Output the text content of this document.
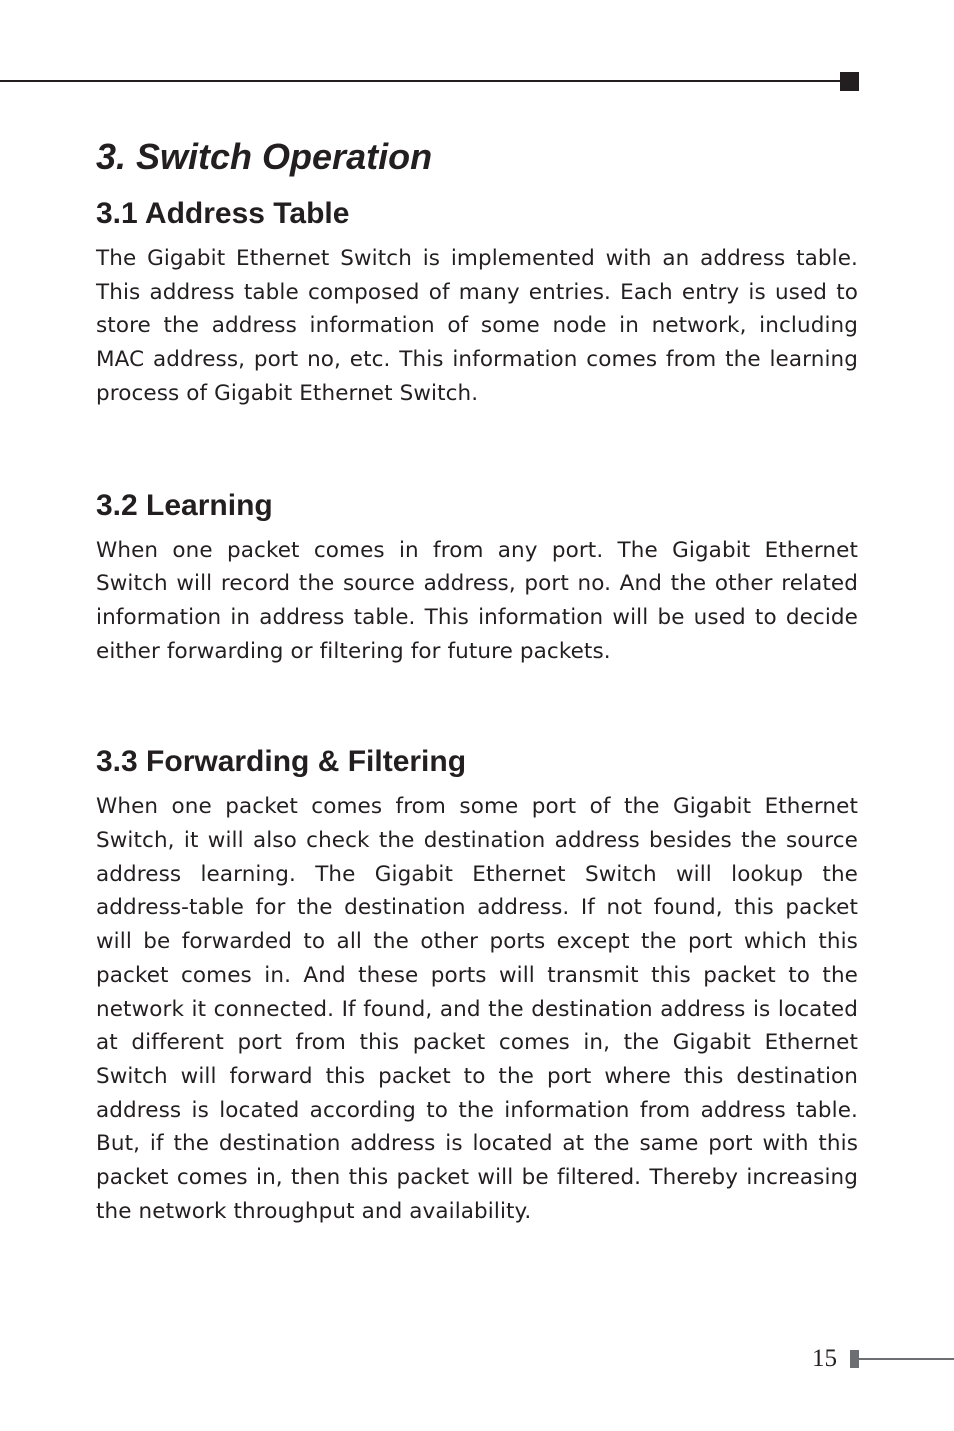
3. Switch Operation
3.1 Address Table

The Gigabit Ethernet Switch is implemented with an address table. This address table composed of many entries. Each entry is used to store the address information of some node in network, including MAC address, port no, etc. This information comes from the learning process of Gigabit Ethernet Switch.

3.2 Learning

When one packet comes in from any port. The Gigabit Ethernet Switch will record the source address, port no. And the other related information in address table. This information will be used to decide either forwarding or filtering for future packets.

3.3 Forwarding & Filtering

When one packet comes from some port of the Gigabit Ethernet Switch, it will also check the destination address besides the source address learning. The Gigabit Ethernet Switch will lookup the address-table for the destination address. If not found, this packet will be forwarded to all the other ports except the port which this packet comes in. And these ports will transmit this packet to the network it connected. If found, and the destination address is located at different port from this packet comes in, the Gigabit Ethernet Switch will forward this packet to the port where this destination address is located according to the information from address table. But, if the destination address is located at the same port with this packet comes in, then this packet will be filtered. Thereby increasing the network throughput and availability.

15
